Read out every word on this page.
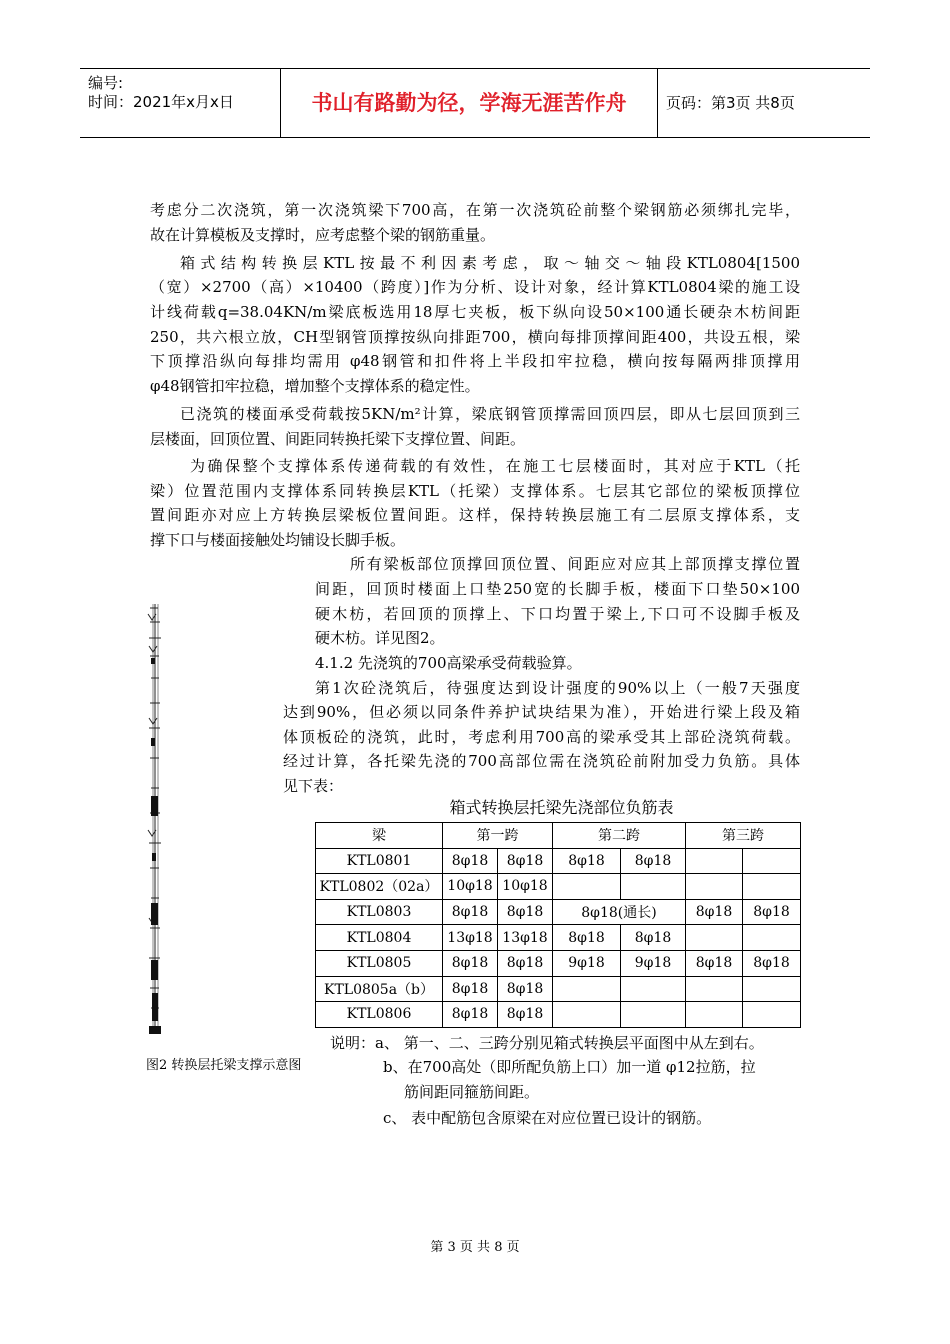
编号:
时间：2021年x月x日	书山有路勤为径，学海无涯苦作舟	页码：第3页 共8页
考虑分二次浇筑，第一次浇筑梁下700高，在第一次浇筑砼前整个梁钢筋必须绑扎完毕，
故在计算模板及支撑时，应考虑整个梁的钢筋重量。
箱式结构转换层KTL按最不利因素考虑，取～轴交～轴段KTL0804[1500
（宽）×2700（高）×10400（跨度）]作为分析、设计对象，经计算KTL0804梁的施工设
计线荷载q=38.04KN/m梁底板选用18厚七夹板，板下纵向设50×100通长硬杂木枋间距
250，共六根立放，CH型钢管顶撑按纵向排距700，横向每排顶撑间距400，共设五根，梁
下顶撑沿纵向每排均需用 φ48钢管和扣件将上半段扣牢拉稳，横向按每隔两排顶撑用
φ48钢管扣牢拉稳，增加整个支撑体系的稳定性。
已浇筑的楼面承受荷载按5KN/m²计算，梁底钢管顶撑需回顶四层，即从七层回顶到三
层楼面，回顶位置、间距同转换托梁下支撑位置、间距。
为确保整个支撑体系传递荷载的有效性，在施工七层楼面时，其对应于KTL（托
梁）位置范围内支撑体系同转换层KTL（托梁）支撑体系。七层其它部位的梁板顶撑位
置间距亦对应上方转换层梁板位置间距。这样，保持转换层施工有二层原支撑体系，支
撑下口与楼面接触处均铺设长脚手板。
所有梁板部位顶撑回顶位置、间距应对应其上部顶撑支撑位置
间距，回顶时楼面上口垫250宽的长脚手板，楼面下口垫50×100
硬木枋，若回顶的顶撑上、下口均置于梁上,下口可不设脚手板及
硬木枋。详见图2。
4.1.2 先浇筑的700高梁承受荷载验算。
第1次砼浇筑后，待强度达到设计强度的90%以上（一般7天强度
达到90%，但必须以同条件养护试块结果为准），开始进行梁上段及箱
体顶板砼的浇筑，此时，考虑利用700高的梁承受其上部砼浇筑荷载。
经过计算，各托梁先浇的700高部位需在浇筑砼前附加受力负筋。具体
见下表：
图2 转换层托梁支撑示意图
箱式转换层托梁先浇部位负筋表
梁	第一跨		第二跨		第三跨	
KTL0801	8φ18	8φ18	8φ18	8φ18		
KTL0802（02a）	10φ18	10φ18				
KTL0803	8φ18	8φ18	8φ18(通长)		8φ18	8φ18
KTL0804	13φ18	13φ18	8φ18	8φ18		
KTL0805	8φ18	8φ18	9φ18	9φ18	8φ18	8φ18
KTL0805a（b）	8φ18	8φ18				
KTL0806	8φ18	8φ18				
说明：a、 第一、二、三跨分别见箱式转换层平面图中从左到右。
b、在700高处（即所配负筋上口）加一道 φ12拉筋，拉
筋间距同箍筋间距。
c、 表中配筋包含原梁在对应位置已设计的钢筋。
第 3 页 共 8 页
